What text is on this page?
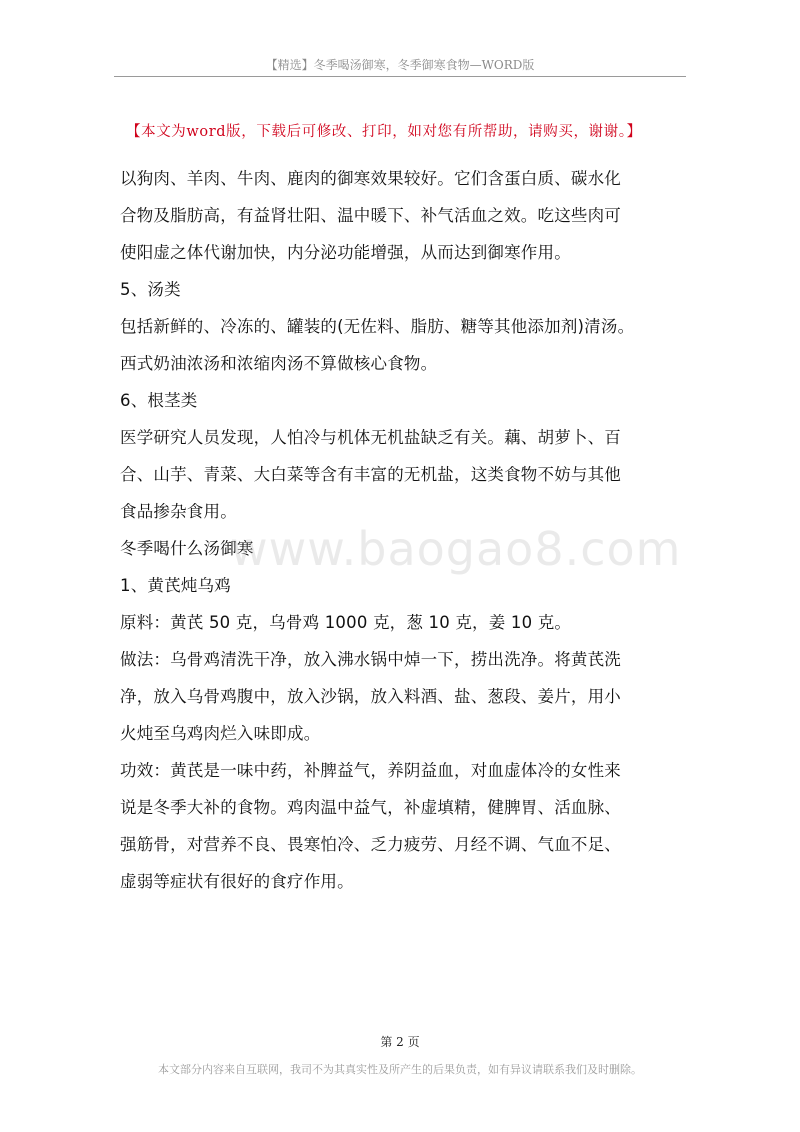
【精选】冬季喝汤御寒，冬季御寒食物—WORD版
【本文为word版，下载后可修改、打印，如对您有所帮助，请购买，谢谢。】

以狗肉、羊肉、牛肉、鹿肉的御寒效果较好。它们含蛋白质、碳水化

合物及脂肪高，有益肾壮阳、温中暖下、补气活血之效。吃这些肉可

使阳虚之体代谢加快，内分泌功能增强，从而达到御寒作用。

5、汤类

包括新鲜的、冷冻的、罐装的(无佐料、脂肪、糖等其他添加剂)清汤。

西式奶油浓汤和浓缩肉汤不算做核心食物。

6、根茎类

医学研究人员发现，人怕冷与机体无机盐缺乏有关。藕、胡萝卜、百

合、山芋、青菜、大白菜等含有丰富的无机盐，这类食物不妨与其他

食品掺杂食用。

冬季喝什么汤御寒

1、黄芪炖乌鸡

原料：黄芪 50 克，乌骨鸡 1000 克，葱 10 克，姜 10 克。

做法：乌骨鸡清洗干净，放入沸水锅中焯一下，捞出洗净。将黄芪洗

净，放入乌骨鸡腹中，放入沙锅，放入料酒、盐、葱段、姜片，用小

火炖至乌鸡肉烂入味即成。

功效：黄芪是一味中药，补脾益气，养阴益血，对血虚体冷的女性来

说是冬季大补的食物。鸡肉温中益气，补虚填精，健脾胃、活血脉、

强筋骨，对营养不良、畏寒怕冷、乏力疲劳、月经不调、气血不足、

虚弱等症状有很好的食疗作用。

www.baogao8.com
第 2 页
本文部分内容来自互联网，我司不为其真实性及所产生的后果负责，如有异议请联系我们及时删除。
